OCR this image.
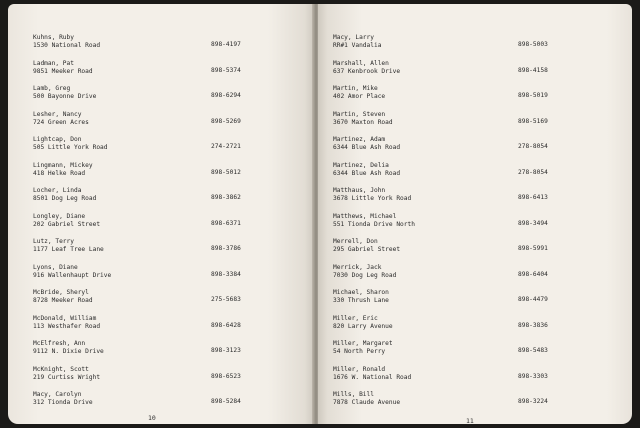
Kuhns, Ruby
1530 National Road	898-4197
Ladman, Pat
9851 Meeker Road	898-5374
Lamb, Greg
500 Bayonne Drive	898-6294
Lesher, Nancy
724 Green Acres	898-5269
Lightcap, Don
505 Little York Road	274-2721
Lingmann, Mickey
418 Helke Road	898-5012
Locher, Linda
8501 Dog Leg Road	898-3862
Longley, Diane
202 Gabriel Street	898-6371
Lutz, Terry
1177 Leaf Tree Lane	898-3786
Lyons, Diane
916 Wallenhaupt Drive	898-3384
McBride, Sheryl
8728 Meeker Road	275-5683
McDonald, William
113 Westhafer Road	898-6428
McElfresh, Ann
9112 N. Dixie Drive	898-3123
McKnight, Scott
219 Curtiss Wright	898-6523
Macy, Carolyn
312 Tionda Drive	898-5284
10
Macy, Larry
RR#1 Vandalia	898-5003
Marshall, Allen
637 Kenbrook Drive	898-4158
Martin, Mike
402 Amor Place	898-5019
Martin, Steven
3670 Maxton Road	898-5169
Martinez, Adam
6344 Blue Ash Road	278-8054
Martinez, Delia
6344 Blue Ash Road	278-8054
Matthaus, John
3678 Little York Road	898-6413
Matthews, Michael
551 Tionda Drive North	898-3494
Merrell, Don
295 Gabriel Street	898-5991
Merrick, Jack
7030 Dog Leg Road	898-6404
Michael, Sharon
330 Thrush Lane	898-4479
Miller, Eric
820 Larry Avenue	898-3836
Miller, Margaret
54 North Perry	898-5483
Miller, Ronald
1676 W. National Road	898-3303
Mills, Bill
7878 Claude Avenue	898-3224
11
